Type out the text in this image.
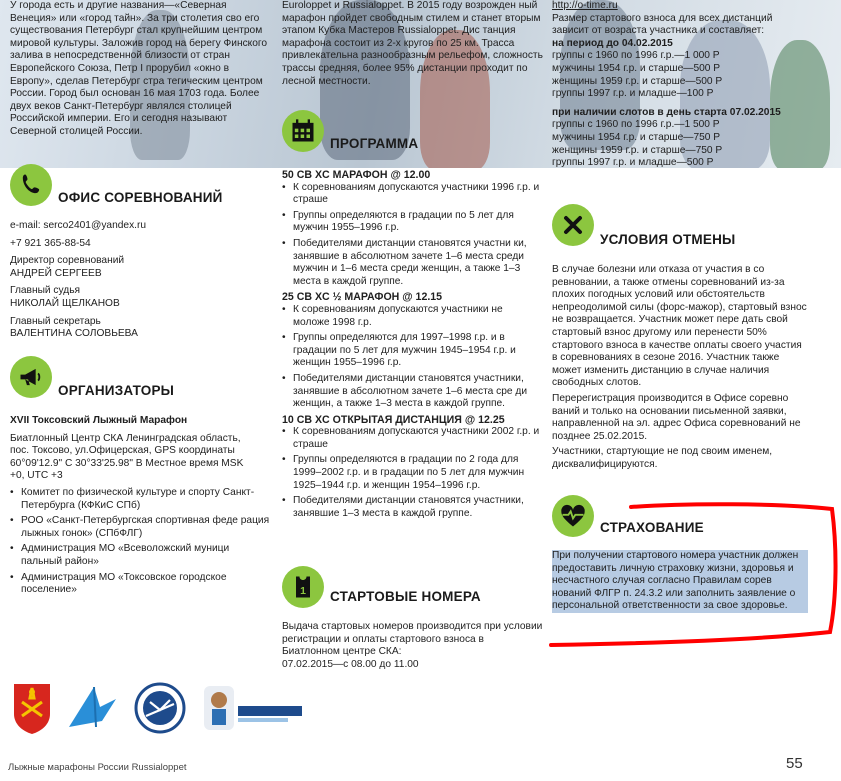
У города есть и другие названия—«Северная Венеция» или «город тайн». За три столетия сво его существования Петербург стал крупнейшим центром мировой культуры. Заложив город на берегу Финского залива в непосредственной близости от стран Европейского Союза, Петр I прорубил «окно в Европу», сделав Петербург стра тегическим центром России. Город был основан 16 мая 1703 года. Более двух веков Санкт-Петербург являлся столицей Российской империи. Его и сегодня называют Северной столицей России.

Euroloppet и Russialoppet. В 2015 году возрожден ный марафон пройдет свободным стилем и станет вторым этапом Кубка Мастеров Russialoppet. Дис танция марафона состоит из 2-х кругов по 25 км. Трасса привлекательна разнообразным рельефом, сложность трассы средняя, более 95% дистанции проходит по лесной местности.

http://o-time.ru

Размер стартового взноса для всех дистанций зависит от возраста участника и составляет:

на период до 04.02.2015

группы с 1960 по 1996 г.р.—1 000 Р

мужчины 1954 г.р. и старше—500 Р

женщины 1959 г.р. и старше—500 Р

группы 1997 г.р. и младше—100 Р

при наличии слотов в день старта 07.02.2015

группы с 1960 по 1996 г.р.—1 500 Р

мужчины 1954 г.р. и старше—750 Р

женщины 1959 г.р. и старше—750 Р

группы 1997 г.р. и младше—500 Р

ОФИС СОРЕВНОВАНИЙ

e-mail: serco2401@yandex.ru

+7 921 365-88-54

Директор соревнований

АНДРЕЙ СЕРГЕЕВ

Главный судья

НИКОЛАЙ ЩЕЛКАНОВ

Главный секретарь

ВАЛЕНТИНА СОЛОВЬЕВА

ОРГАНИЗАТОРЫ

XVII Токсовский Лыжный Марафон

Биатлонный Центр СКА Ленинградская область, пос. Токсово, ул.Офицерская, GPS координаты 60°09'12.9" С 30°33'25.98" В Местное время MSK +0, UTC +3

• Комитет по физической культуре и спорту Санкт-Петербурга (КФКиС СПб)
• РОО «Санкт-Петербургская спортивная феде рация лыжных гонок» (СПбФЛГ)
• Администрация МО «Всеволожский муници пальный район»
• Администрация МО «Токсовское городское поселение»
ПРОГРАММА

50 СВ XC МАРАФОН @ 12.00

• К соревнованиям допускаются участники 1996 г.р. и страше
• Группы определяются в градации по 5 лет для мужчин 1955–1996 г.р.
• Победителями дистанции становятся участни ки, занявшие в абсолютном зачете 1–6 места среди мужчин и 1–6 места среди женщин, а также 1–3 места в каждой группе.

25 СВ XC ½ МАРАФОН @ 12.15

• К соревнованиям допускаются участники не моложе 1998 г.р.
• Группы определяются для 1997–1998 г.р. и в градации по 5 лет для мужчин 1945–1954 г.р. и женщин 1955–1996 г.р.
• Победителями дистанции становятся участники, занявшие в абсолютном зачете 1–6 места сре ди женщин, а также 1–3 места в каждой группе.

10 СВ XC ОТКРЫТАЯ ДИСТАНЦИЯ @ 12.25

• К соревнованиям допускаются участники 2002 г.р. и страше
• Группы определяются в градации по 2 года для 1999–2002 г.р. и в градации по 5 лет для мужчин 1925–1944 г.р. и женщин 1954–1996 г.р.
• Победителями дистанции становятся участники, занявшие 1–3 места в каждой группе.
1 СТАРТОВЫЕ НОМЕРА

Выдача стартовых номеров производится при условии регистрации и оплаты стартового взноса в Биатлонном центре СКА:

07.02.2015—с 08.00 до 11.00

УСЛОВИЯ ОТМЕНЫ

В случае болезни или отказа от участия в со ревновании, а также отмены соревнований из-за плохих погодных условий или обстоятельств непреодолимой силы (форс-мажор), стартовый взнос не возвращается. Участник может пере дать свой стартовый взнос другому или перенести 50% стартового взноса в качестве оплаты своего участия в соревнованиях в сезоне 2016. Участник также может изменить дистанцию в случае наличия свободных слотов.

Перерегистрация производится в Офисе соревно ваний и только на основании письменной заявки, направленной на эл. адрес Офиса соревнований не позднее 25.02.2015.

Участники, стартующие не под своим именем, дисквалифицируются.

СТРАХОВАНИЕ

При получении стартового номера участник должен предоставить личную страховку жизни, здоровья и несчастного случая согласно Правилам сорев нований ФЛГР п. 24.3.2 или заполнить заявление о персональной ответственности за свое здоровье.

Лыжные марафоны России Russialoppet	55
